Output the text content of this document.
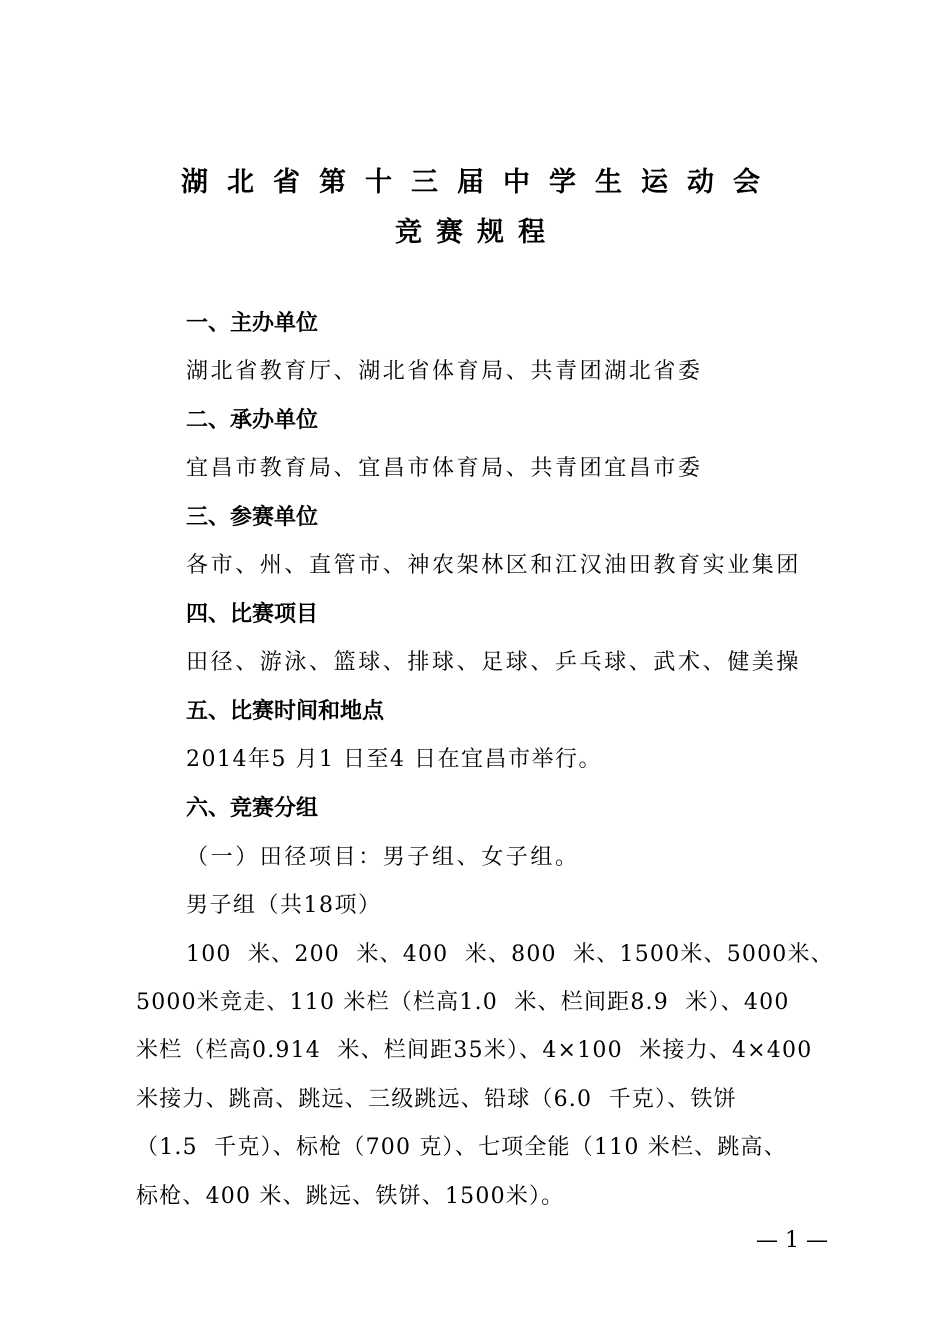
湖北省第十三届中学生运动会
竞赛规程
一、主办单位
湖北省教育厅、湖北省体育局、共青团湖北省委
二、承办单位
宜昌市教育局、宜昌市体育局、共青团宜昌市委
三、参赛单位
各市、州、直管市、神农架林区和江汉油田教育实业集团
四、比赛项目
田径、游泳、篮球、排球、足球、乒乓球、武术、健美操
五、比赛时间和地点
2014年5 月1 日至4 日在宜昌市举行。
六、竞赛分组
（一）田径项目：男子组、女子组。
男子组（共18项）
100  米、200  米、400  米、800  米、1500米、5000米、
5000米竞走、110 米栏（栏高1.0  米、栏间距8.9  米）、400
米栏（栏高0.914  米、栏间距35米）、4×100  米接力、4×400
米接力、跳高、跳远、三级跳远、铅球（6.0  千克）、铁饼
（1.5  千克）、标枪（700 克）、七项全能（110 米栏、跳高、
标枪、400 米、跳远、铁饼、1500米）。
— 1 —
